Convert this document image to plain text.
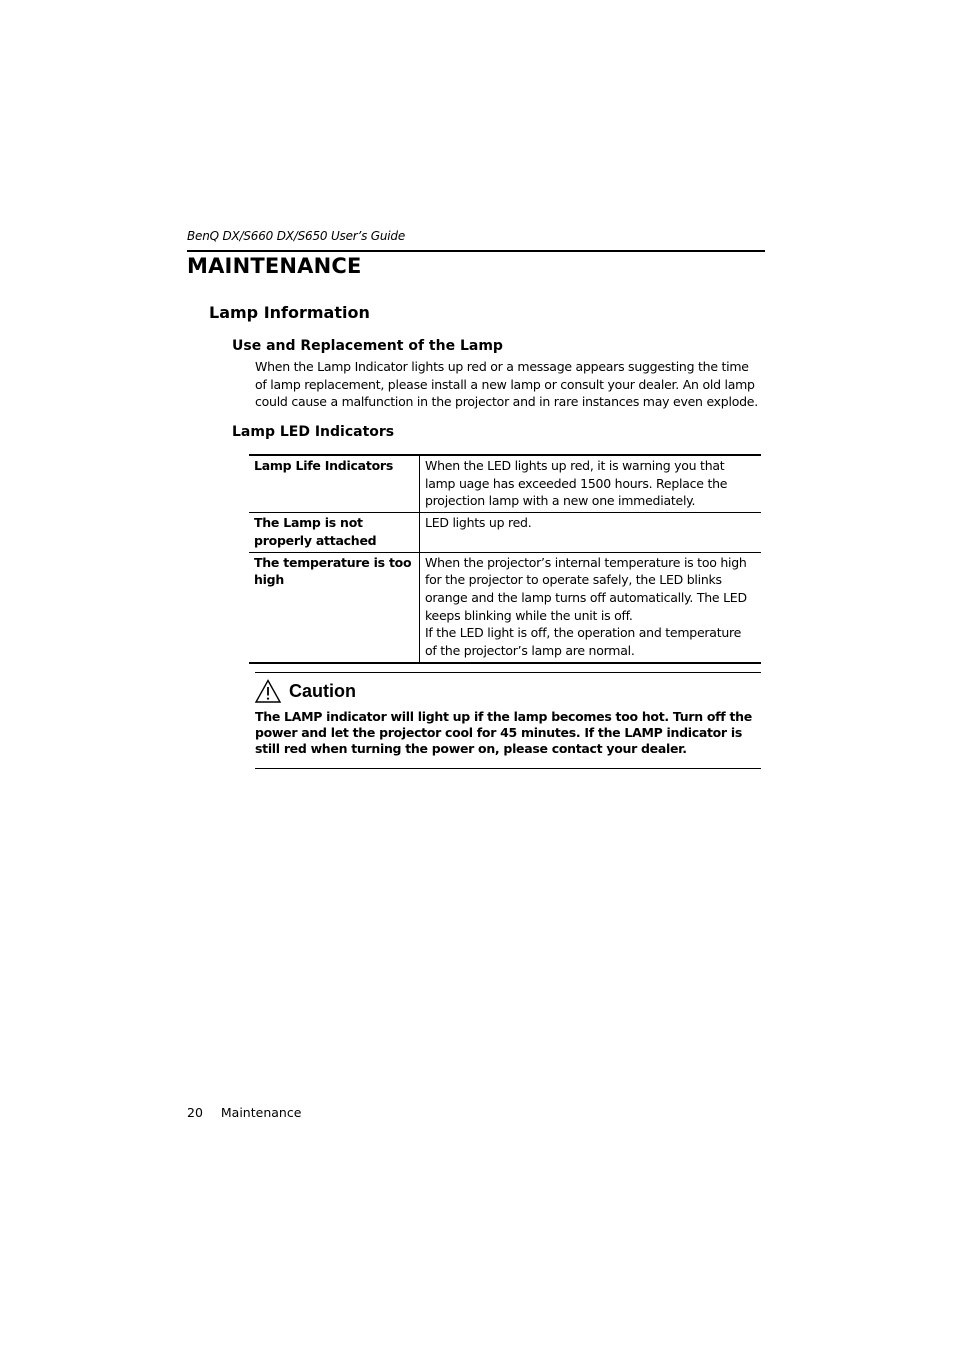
BenQ DX/S660 DX/S650 User’s Guide
MAINTENANCE
Lamp Information
Use and Replacement of the Lamp

When the Lamp Indicator lights up red or a message appears suggesting the time of lamp replacement, please install a new lamp or consult your dealer. An old lamp could cause a malfunction in the projector and in rare instances may even explode.

Lamp LED Indicators
Lamp Life Indicators	When the LED lights up red, it is warning you that lamp uage has exceeded 1500 hours. Replace the projection lamp with a new one immediately.
The Lamp is not properly attached	LED lights up red.
The temperature is too high	When the projector’s internal temperature is too high for the projector to operate safely, the LED blinks orange and the lamp turns off automatically. The LED keeps blinking while the unit is off.
If the LED light is off, the operation and temperature of the projector’s lamp are normal.
Caution

The LAMP indicator will light up if the lamp becomes too hot. Turn off the power and let the projector cool for 45 minutes. If the LAMP indicator is still red when turning the power on, please contact your dealer.

20 Maintenance
